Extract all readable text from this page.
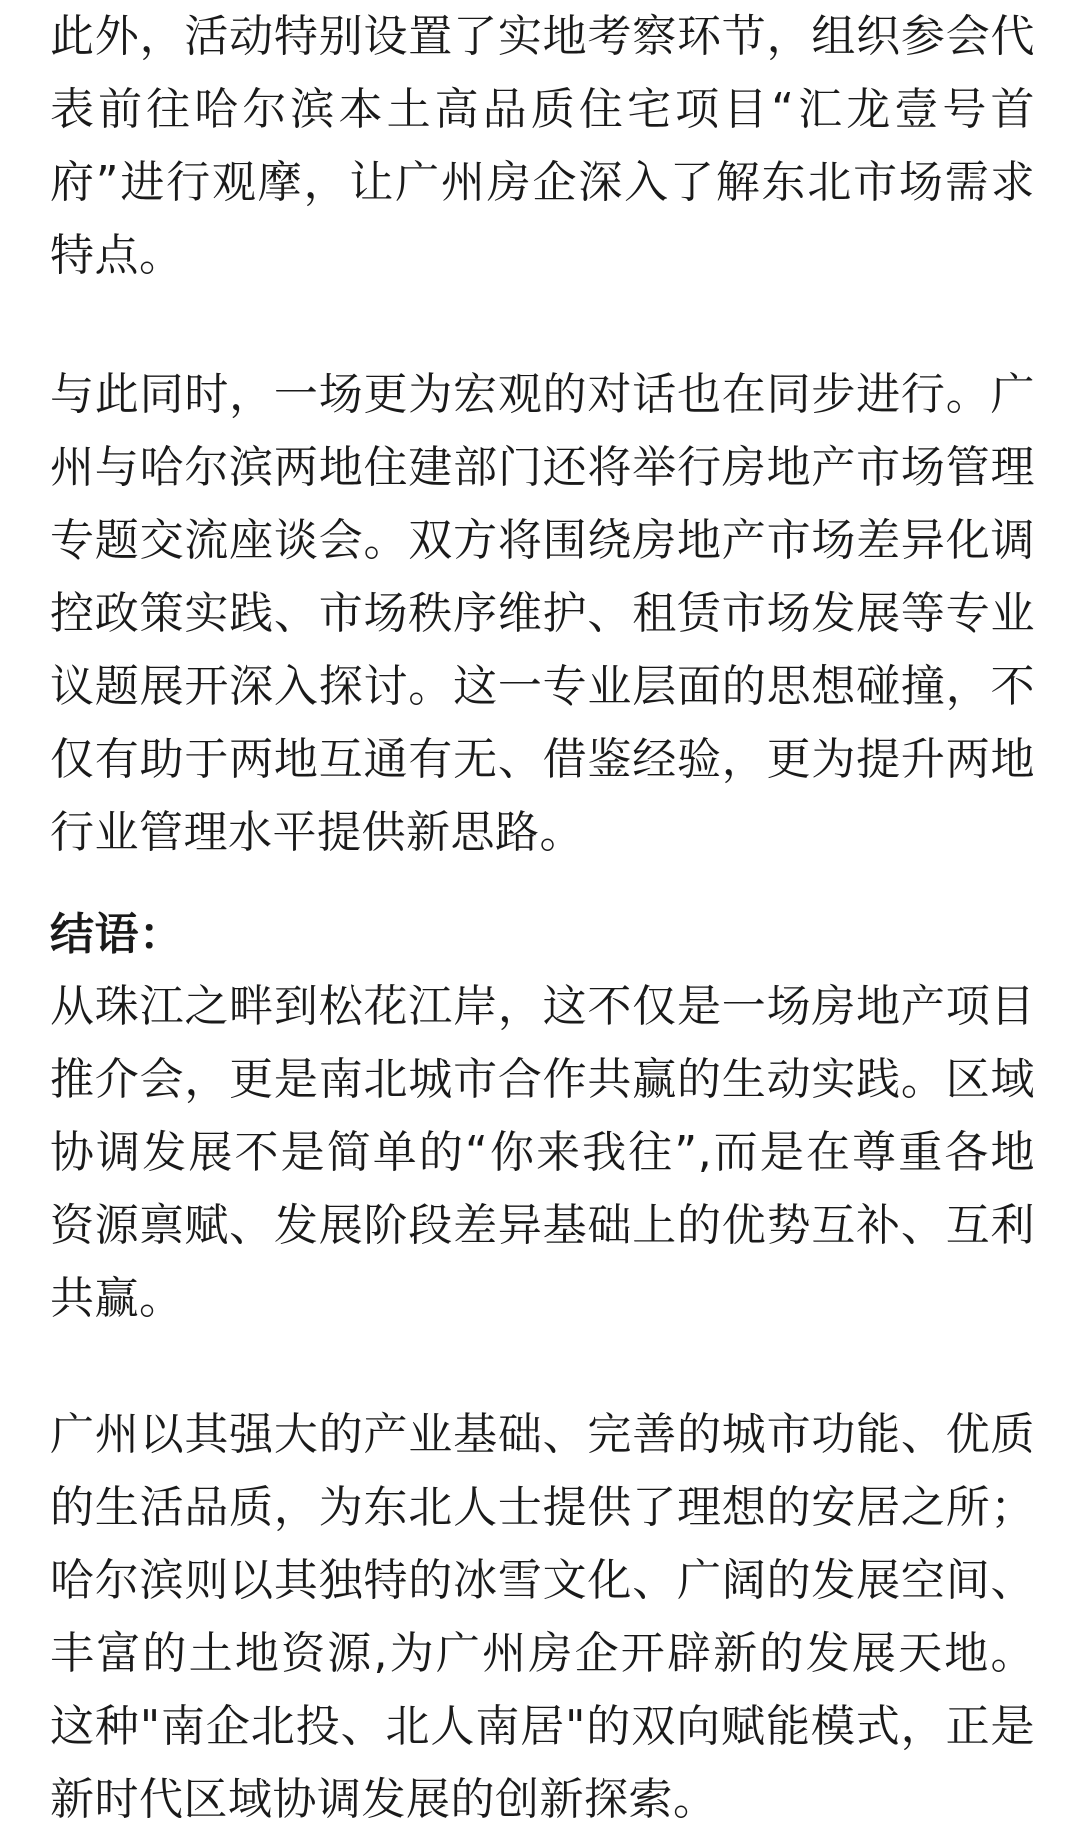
此外，活动特别设置了实地考察环节，组织参会代表前往哈尔滨本土高品质住宅项目“汇龙壹号首府”进行观摩，让广州房企深入了解东北市场需求特点。

与此同时，一场更为宏观的对话也在同步进行。广州与哈尔滨两地住建部门还将举行房地产市场管理专题交流座谈会。双方将围绕房地产市场差异化调控政策实践、市场秩序维护、租赁市场发展等专业议题展开深入探讨。这一专业层面的思想碰撞，不仅有助于两地互通有无、借鉴经验，更为提升两地行业管理水平提供新思路。

结语：

从珠江之畔到松花江岸，这不仅是一场房地产项目推介会，更是南北城市合作共赢的生动实践。区域协调发展不是简单的“你来我往”,而是在尊重各地资源禀赋、发展阶段差异基础上的优势互补、互利共赢。

广州以其强大的产业基础、完善的城市功能、优质的生活品质，为东北人士提供了理想的安居之所；哈尔滨则以其独特的冰雪文化、广阔的发展空间、丰富的土地资源,为广州房企开辟新的发展天地。这种"南企北投、北人南居"的双向赋能模式，正是新时代区域协调发展的创新探索。
